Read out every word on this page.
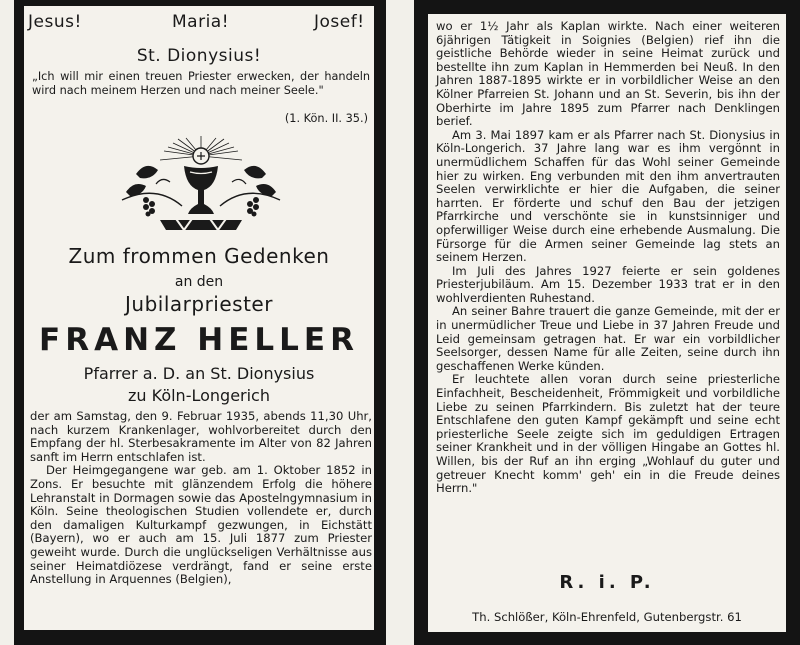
Jesus!	Maria!	Josef!
St. Dionysius!
„Ich will mir einen treuen Priester erwecken, der handeln wird nach meinem Herzen und nach meiner Seele."
(1. Kön. II. 35.)
Zum frommen Gedenken
an den
Jubilarpriester
FRANZ HELLER
Pfarrer a. D. an St. Dionysius
zu Köln-Longerich

der am Samstag, den 9. Februar 1935, abends 11,30 Uhr, nach kurzem Krankenlager, wohlvorbereitet durch den Empfang der hl. Sterbesakramente im Alter von 82 Jahren sanft im Herrn entschlafen ist.

Der Heimgegangene war geb. am 1. Oktober 1852 in Zons. Er besuchte mit glänzendem Erfolg die höhere Lehranstalt in Dormagen sowie das Apostelngymnasium in Köln. Seine theologischen Studien vollendete er, durch den damaligen Kulturkampf gezwungen, in Eichstätt (Bayern), wo er auch am 15. Juli 1877 zum Priester geweiht wurde. Durch die unglückseligen Verhältnisse aus seiner Heimatdiözese verdrängt, fand er seine erste Anstellung in Arquennes (Belgien),

wo er 1½ Jahr als Kaplan wirkte. Nach einer weiteren 6jährigen Tätigkeit in Soignies (Belgien) rief ihn die geistliche Behörde wieder in seine Heimat zurück und bestellte ihn zum Kaplan in Hemmerden bei Neuß. In den Jahren 1887-1895 wirkte er in vorbildlicher Weise an den Kölner Pfarreien St. Johann und an St. Severin, bis ihn der Oberhirte im Jahre 1895 zum Pfarrer nach Denklingen berief.

Am 3. Mai 1897 kam er als Pfarrer nach St. Dionysius in Köln-Longerich. 37 Jahre lang war es ihm vergönnt in unermüdlichem Schaffen für das Wohl seiner Gemeinde hier zu wirken. Eng verbunden mit den ihm anvertrauten Seelen verwirklichte er hier die Aufgaben, die seiner harrten. Er förderte und schuf den Bau der jetzigen Pfarrkirche und verschönte sie in kunstsinniger und opferwilliger Weise durch eine erhebende Ausmalung. Die Fürsorge für die Armen seiner Gemeinde lag stets an seinem Herzen.

Im Juli des Jahres 1927 feierte er sein goldenes Priesterjubiläum. Am 15. Dezember 1933 trat er in den wohlverdienten Ruhestand.

An seiner Bahre trauert die ganze Gemeinde, mit der er in unermüdlicher Treue und Liebe in 37 Jahren Freude und Leid gemeinsam getragen hat. Er war ein vorbildlicher Seelsorger, dessen Name für alle Zeiten, seine durch ihn geschaffenen Werke künden.

Er leuchtete allen voran durch seine priesterliche Einfachheit, Bescheidenheit, Frömmigkeit und vorbildliche Liebe zu seinen Pfarrkindern. Bis zuletzt hat der teure Entschlafene den guten Kampf gekämpft und seine echt priesterliche Seele zeigte sich im geduldigen Ertragen seiner Krankheit und in der völligen Hingabe an Gottes hl. Willen, bis der Ruf an ihn erging „Wohlauf du guter und getreuer Knecht komm' geh' ein in die Freude deines Herrn."

R. i. P.
Th. Schlößer, Köln-Ehrenfeld, Gutenbergstr. 61
